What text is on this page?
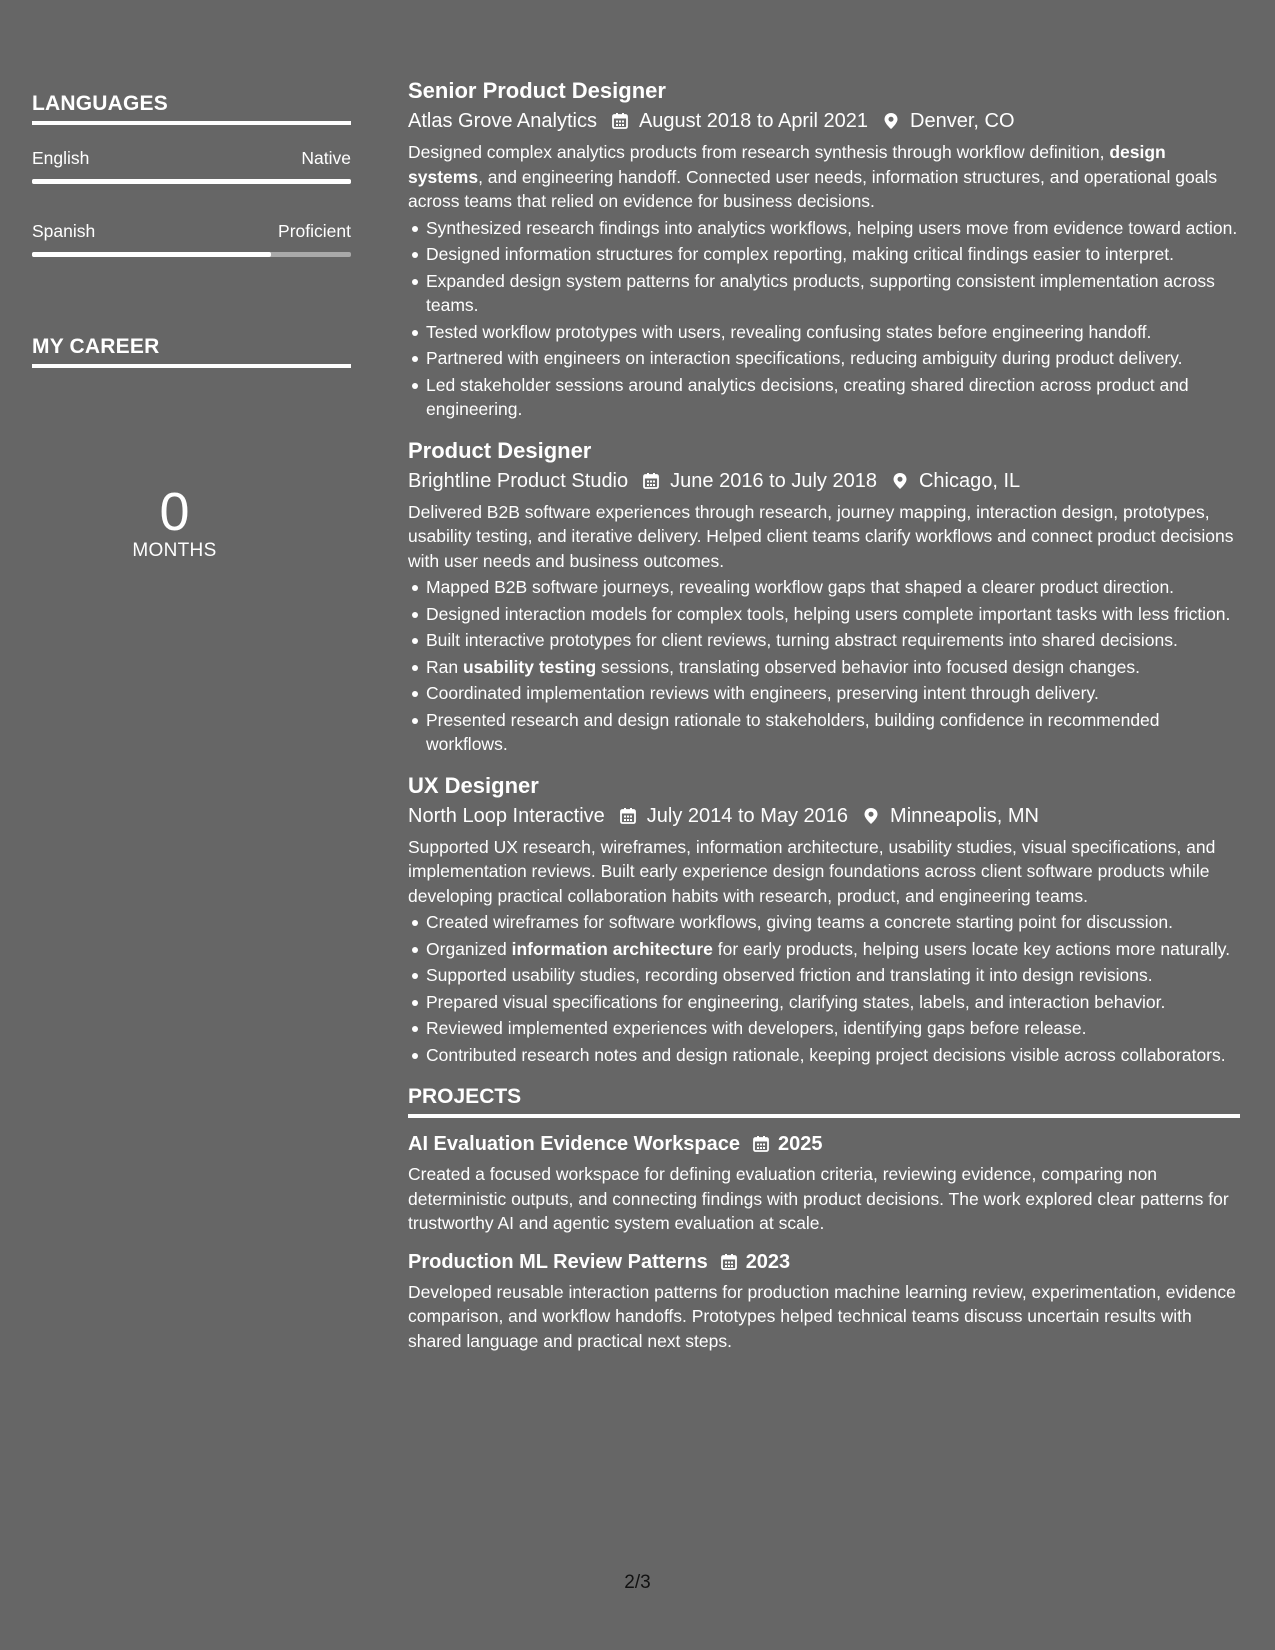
LANGUAGES
English	Native
Spanish	Proficient
MY CAREER
0
MONTHS
Senior Product Designer
Atlas Grove Analytics August 2018 to April 2021 Denver, CO

Designed complex analytics products from research synthesis through workflow definition, design systems, and engineering handoff. Connected user needs, information structures, and operational goals across teams that relied on evidence for business decisions.

Synthesized research findings into analytics workflows, helping users move from evidence toward action.
Designed information structures for complex reporting, making critical findings easier to interpret.
Expanded design system patterns for analytics products, supporting consistent implementation across teams.
Tested workflow prototypes with users, revealing confusing states before engineering handoff.
Partnered with engineers on interaction specifications, reducing ambiguity during product delivery.
Led stakeholder sessions around analytics decisions, creating shared direction across product and engineering.
Product Designer
Brightline Product Studio June 2016 to July 2018 Chicago, IL

Delivered B2B software experiences through research, journey mapping, interaction design, prototypes, usability testing, and iterative delivery. Helped client teams clarify workflows and connect product decisions with user needs and business outcomes.

Mapped B2B software journeys, revealing workflow gaps that shaped a clearer product direction.
Designed interaction models for complex tools, helping users complete important tasks with less friction.
Built interactive prototypes for client reviews, turning abstract requirements into shared decisions.
Ran usability testing sessions, translating observed behavior into focused design changes.
Coordinated implementation reviews with engineers, preserving intent through delivery.
Presented research and design rationale to stakeholders, building confidence in recommended workflows.
UX Designer
North Loop Interactive July 2014 to May 2016 Minneapolis, MN

Supported UX research, wireframes, information architecture, usability studies, visual specifications, and implementation reviews. Built early experience design foundations across client software products while developing practical collaboration habits with research, product, and engineering teams.

Created wireframes for software workflows, giving teams a concrete starting point for discussion.
Organized information architecture for early products, helping users locate key actions more naturally.
Supported usability studies, recording observed friction and translating it into design revisions.
Prepared visual specifications for engineering, clarifying states, labels, and interaction behavior.
Reviewed implemented experiences with developers, identifying gaps before release.
Contributed research notes and design rationale, keeping project decisions visible across collaborators.
PROJECTS
AI Evaluation Evidence Workspace 2025
Created a focused workspace for defining evaluation criteria, reviewing evidence, comparing non deterministic outputs, and connecting findings with product decisions. The work explored clear patterns for trustworthy AI and agentic system evaluation at scale.
Production ML Review Patterns 2023
Developed reusable interaction patterns for production machine learning review, experimentation, evidence comparison, and workflow handoffs. Prototypes helped technical teams discuss uncertain results with shared language and practical next steps.
2/3
